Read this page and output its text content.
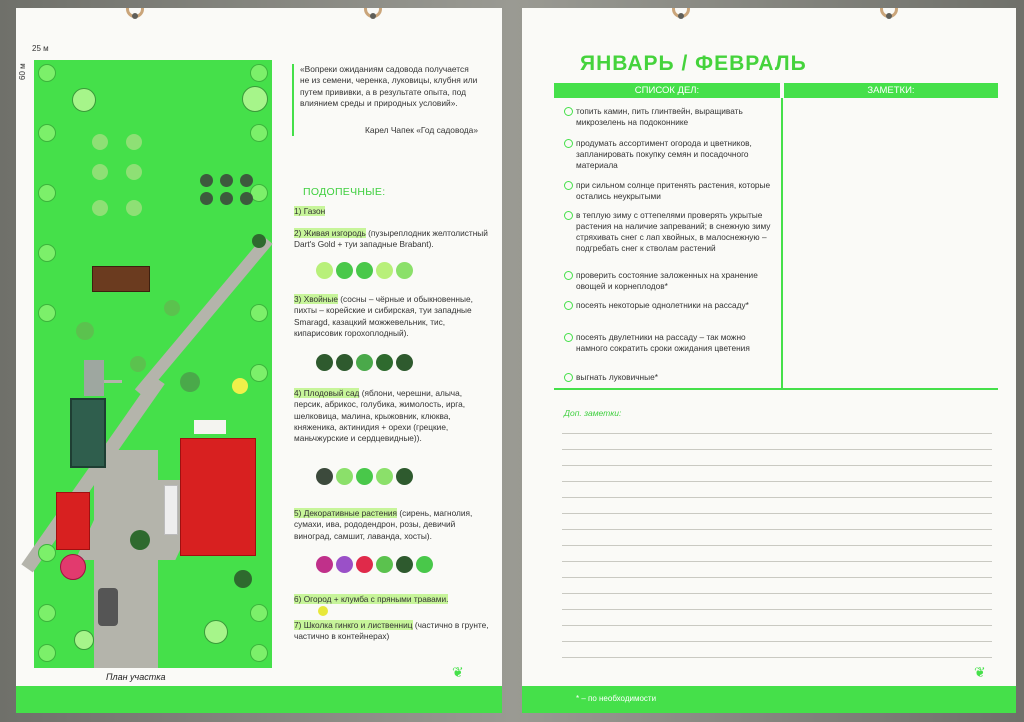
25 м
60 м
План участка

«Вопреки ожиданиям садовода получается не из семени, черенка, луковицы, клубня или путем прививки, а в результате опыта, под влиянием среды и природных условий».

Карел Чапек «Год садовода»

ПОДОПЕЧНЫЕ:
1) Газон
2) Живая изгородь (пузыреплодник желтолистный Dart's Gold + туи западные Brabant).
3) Хвойные (сосны – чёрные и обыкновенные, пихты – корейские и сибирская, туи западные Smaragd, казацкий можжевельник, тис, кипарисовик горохоплодный).
4) Плодовый сад (яблони, черешни, алыча, персик, абрикос, голубика, жимолость, ирга, шелковица, малина, крыжовник, клюква, княженика, актинидия + орехи (грецкие, маньчжурские и сердцевидные)).
5) Декоративные растения (сирень, магнолия, сумахи, ива, рододендрон, розы, девичий виноград, самшит, лаванда, хосты).
6) Огород + клумба с пряными травами.
7) Школка гинкго и лиственниц (частично в грунте, частично в контейнерах)
❦
ЯНВАРЬ / ФЕВРАЛЬ
СПИСОК ДЕЛ:	ЗАМЕТКИ:
топить камин, пить глинтвейн, выращивать микрозелень на подоконнике
продумать ассортимент огорода и цветников, запланировать покупку семян и посадочного материала
при сильном солнце притенять растения, которые остались неукрытыми
в теплую зиму с оттепелями проверять укрытые растения на наличие запреваний; в снежную зиму стряхивать снег с лап хвойных, в малоснежную – подгребать снег к стволам растений
проверить состояние заложенных на хранение овощей и корнеплодов*
посеять некоторые однолетники на рассаду*
посеять двулетники на рассаду – так можно намного сократить сроки ожидания цветения
выгнать луковичные*
Доп. заметки:
❦
* – по необходимости
